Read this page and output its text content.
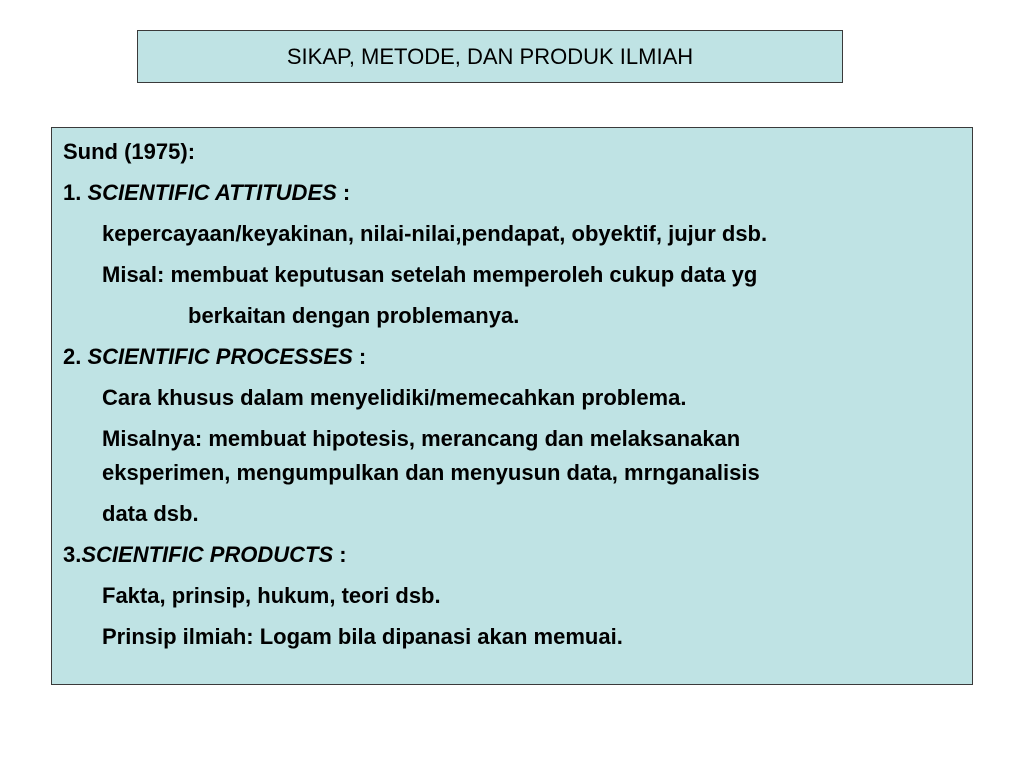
SIKAP, METODE, DAN PRODUK ILMIAH
Sund (1975):
1. SCIENTIFIC ATTITUDES :
kepercayaan/keyakinan, nilai-nilai,pendapat, obyektif, jujur dsb.
Misal: membuat keputusan setelah memperoleh cukup data yg
berkaitan dengan problemanya.
2. SCIENTIFIC PROCESSES :
Cara khusus dalam menyelidiki/memecahkan problema.
Misalnya: membuat hipotesis, merancang dan melaksanakan
eksperimen, mengumpulkan dan menyusun data, mrnganalisis
data dsb.
3.SCIENTIFIC PRODUCTS :
Fakta, prinsip, hukum, teori dsb.
Prinsip ilmiah: Logam bila dipanasi akan memuai.
